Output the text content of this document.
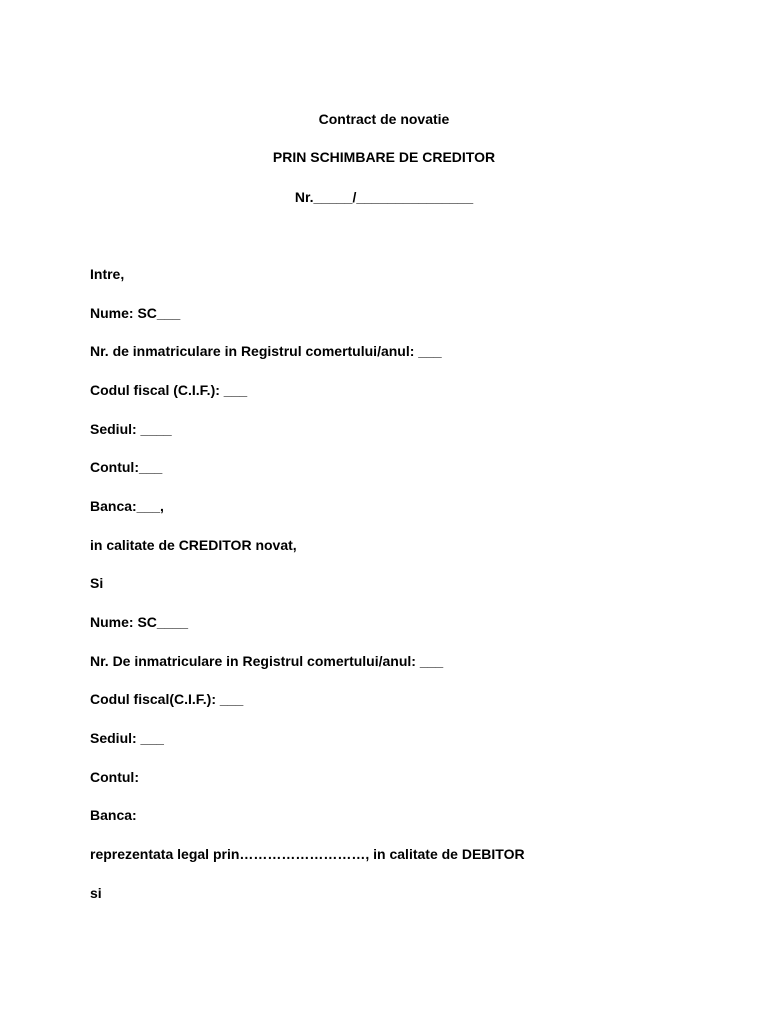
Contract de novatie
PRIN SCHIMBARE DE CREDITOR
Nr._____/_______________
Intre,
Nume: SC___
Nr. de inmatriculare in Registrul comertului/anul: ___
Codul fiscal (C.I.F.): ___
Sediul: ____
Contul:___
Banca:___,
in calitate de CREDITOR novat,
Si
Nume: SC____
Nr. De inmatriculare in Registrul comertului/anul: ___
Codul fiscal(C.I.F.): ___
Sediul: ___
Contul:
Banca:
reprezentata legal prin………………………, in calitate de DEBITOR
si
